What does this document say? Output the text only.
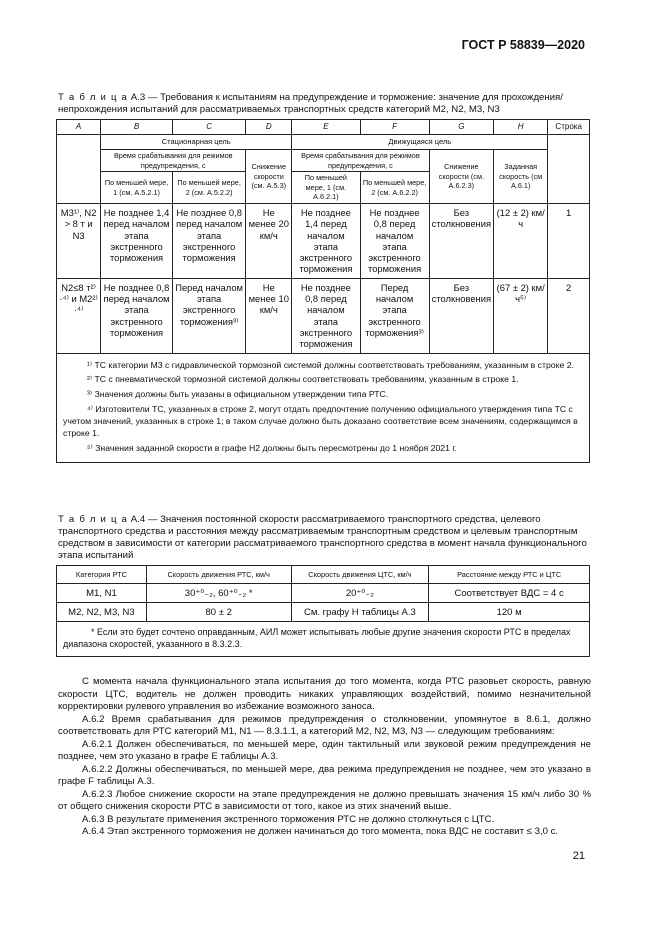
ГОСТ Р 58839—2020
Т а б л и ц а А.3 — Требования к испытаниям на предупреждение и торможение: значение для прохождения/непрохождения испытаний для рассматриваемых транспортных средств категорий M2, N2, M3, N3
A	B	C	D	E	F	G	H	Строка
	Стационарная цель			Движущаяся цель				
	Время срабатывания для режимов предупреждения, с		Снижение скорости (см. А.5.3)	Время срабатывания для режимов предупреждения, с		Снижение скорости (см. А.6.2.3)	Заданная скорость (см А.6.1)	
	По меньшей мере, 1 (см. А.5.2.1)	По меньшей мере, 2 (см. А.5.2.2)		По меньшей мере, 1 (см. А.6.2.1)	По меньшей мере, 2 (см. А.6.2.2)			
M3¹⁾, N2 > 8 т и N3	Не позднее 1,4 перед началом этапа экстренного торможения	Не позднее 0,8 перед началом этапа экстренного торможения	Не менее 20 км/ч	Не позднее 1,4 перед началом этапа экстренного торможения	Не позднее 0,8 перед началом этапа экстренного торможения	Без столкновения	(12 ± 2) км/ч	1
N2≤8 т²⁾·⁴⁾ и M2²⁾·⁴⁾	Не позднее 0,8 перед началом этапа экстренного торможения	Перед началом этапа экстренного торможения³⁾	Не менее 10 км/ч	Не позднее 0,8 перед началом этапа экстренного торможения	Перед началом этапа экстренного торможения³⁾	Без столкновения	(67 ± 2) км/ч⁵⁾	2

¹⁾ ТС категории M3 с гидравлической тормозной системой должны соответствовать требованиям, указанным в строке 2.

²⁾ ТС с пневматической тормозной системой должны соответствовать требованиям, указанным в строке 1.

³⁾ Значения должны быть указаны в официальном утверждении типа РТС.

⁴⁾ Изготовители ТС, указанных в строке 2, могут отдать предпочтение получению официального утверждения типа ТС с учетом значений, указанных в строке 1; в таком случае должно быть доказано соответствие всем значениям, содержащимся в строке 1.

⁵⁾ Значения заданной скорости в графе H2 должны быть пересмотрены до 1 ноября 2021 г.								

Т а б л и ц а А.4 — Значения постоянной скорости рассматриваемого транспортного средства, целевого транспортного средства и расстояния между рассматриваемым транспортным средством и целевым транспортным средством в зависимости от категории рассматриваемого транспортного средства в момент начала функционального этапа испытаний
Категория РТС	Скорость движения РТС, км/ч	Скорость движения ЦТС, км/ч	Расстояние между РТС и ЦТС
M1, N1	30⁺⁰₋₂, 60⁺⁰₋₂ *	20⁺⁰₋₂	Соответствует ВДС = 4 с
M2, N2, M3, N3	80 ± 2	См. графу H таблицы А.3	120 м
* Если это будет сочтено оправданным, АИЛ может испытывать любые другие значения скорости РТС в пределах диапазона скоростей, указанного в 8.3.2.3.			

С момента начала функционального этапа испытания до того момента, когда РТС разовьет скорость, равную скорости ЦТС, водитель не должен проводить никаких управляющих воздействий, помимо незначительной корректировки рулевого управления во избежание возможного заноса.

А.6.2 Время срабатывания для режимов предупреждения о столкновении, упомянутое в 8.6.1, должно соответствовать для РТС категорий M1, N1 — 8.3.1.1, а категорий M2, N2, M3, N3 — следующим требованиям:

А.6.2.1 Должен обеспечиваться, по меньшей мере, один тактильный или звуковой режим предупреждения не позднее, чем это указано в графе E таблицы А.3.

А.6.2.2 Должны обеспечиваться, по меньшей мере, два режима предупреждения не позднее, чем это указано в графе F таблицы А.3.

А.6.2.3 Любое снижение скорости на этапе предупреждения не должно превышать значения 15 км/ч либо 30 % от общего снижения скорости РТС в зависимости от того, какое из этих значений выше.

А.6.3 В результате применения экстренного торможения РТС не должно столкнуться с ЦТС.

А.6.4 Этап экстренного торможения не должен начинаться до того момента, пока ВДС не составит ≤ 3,0 с.

21
